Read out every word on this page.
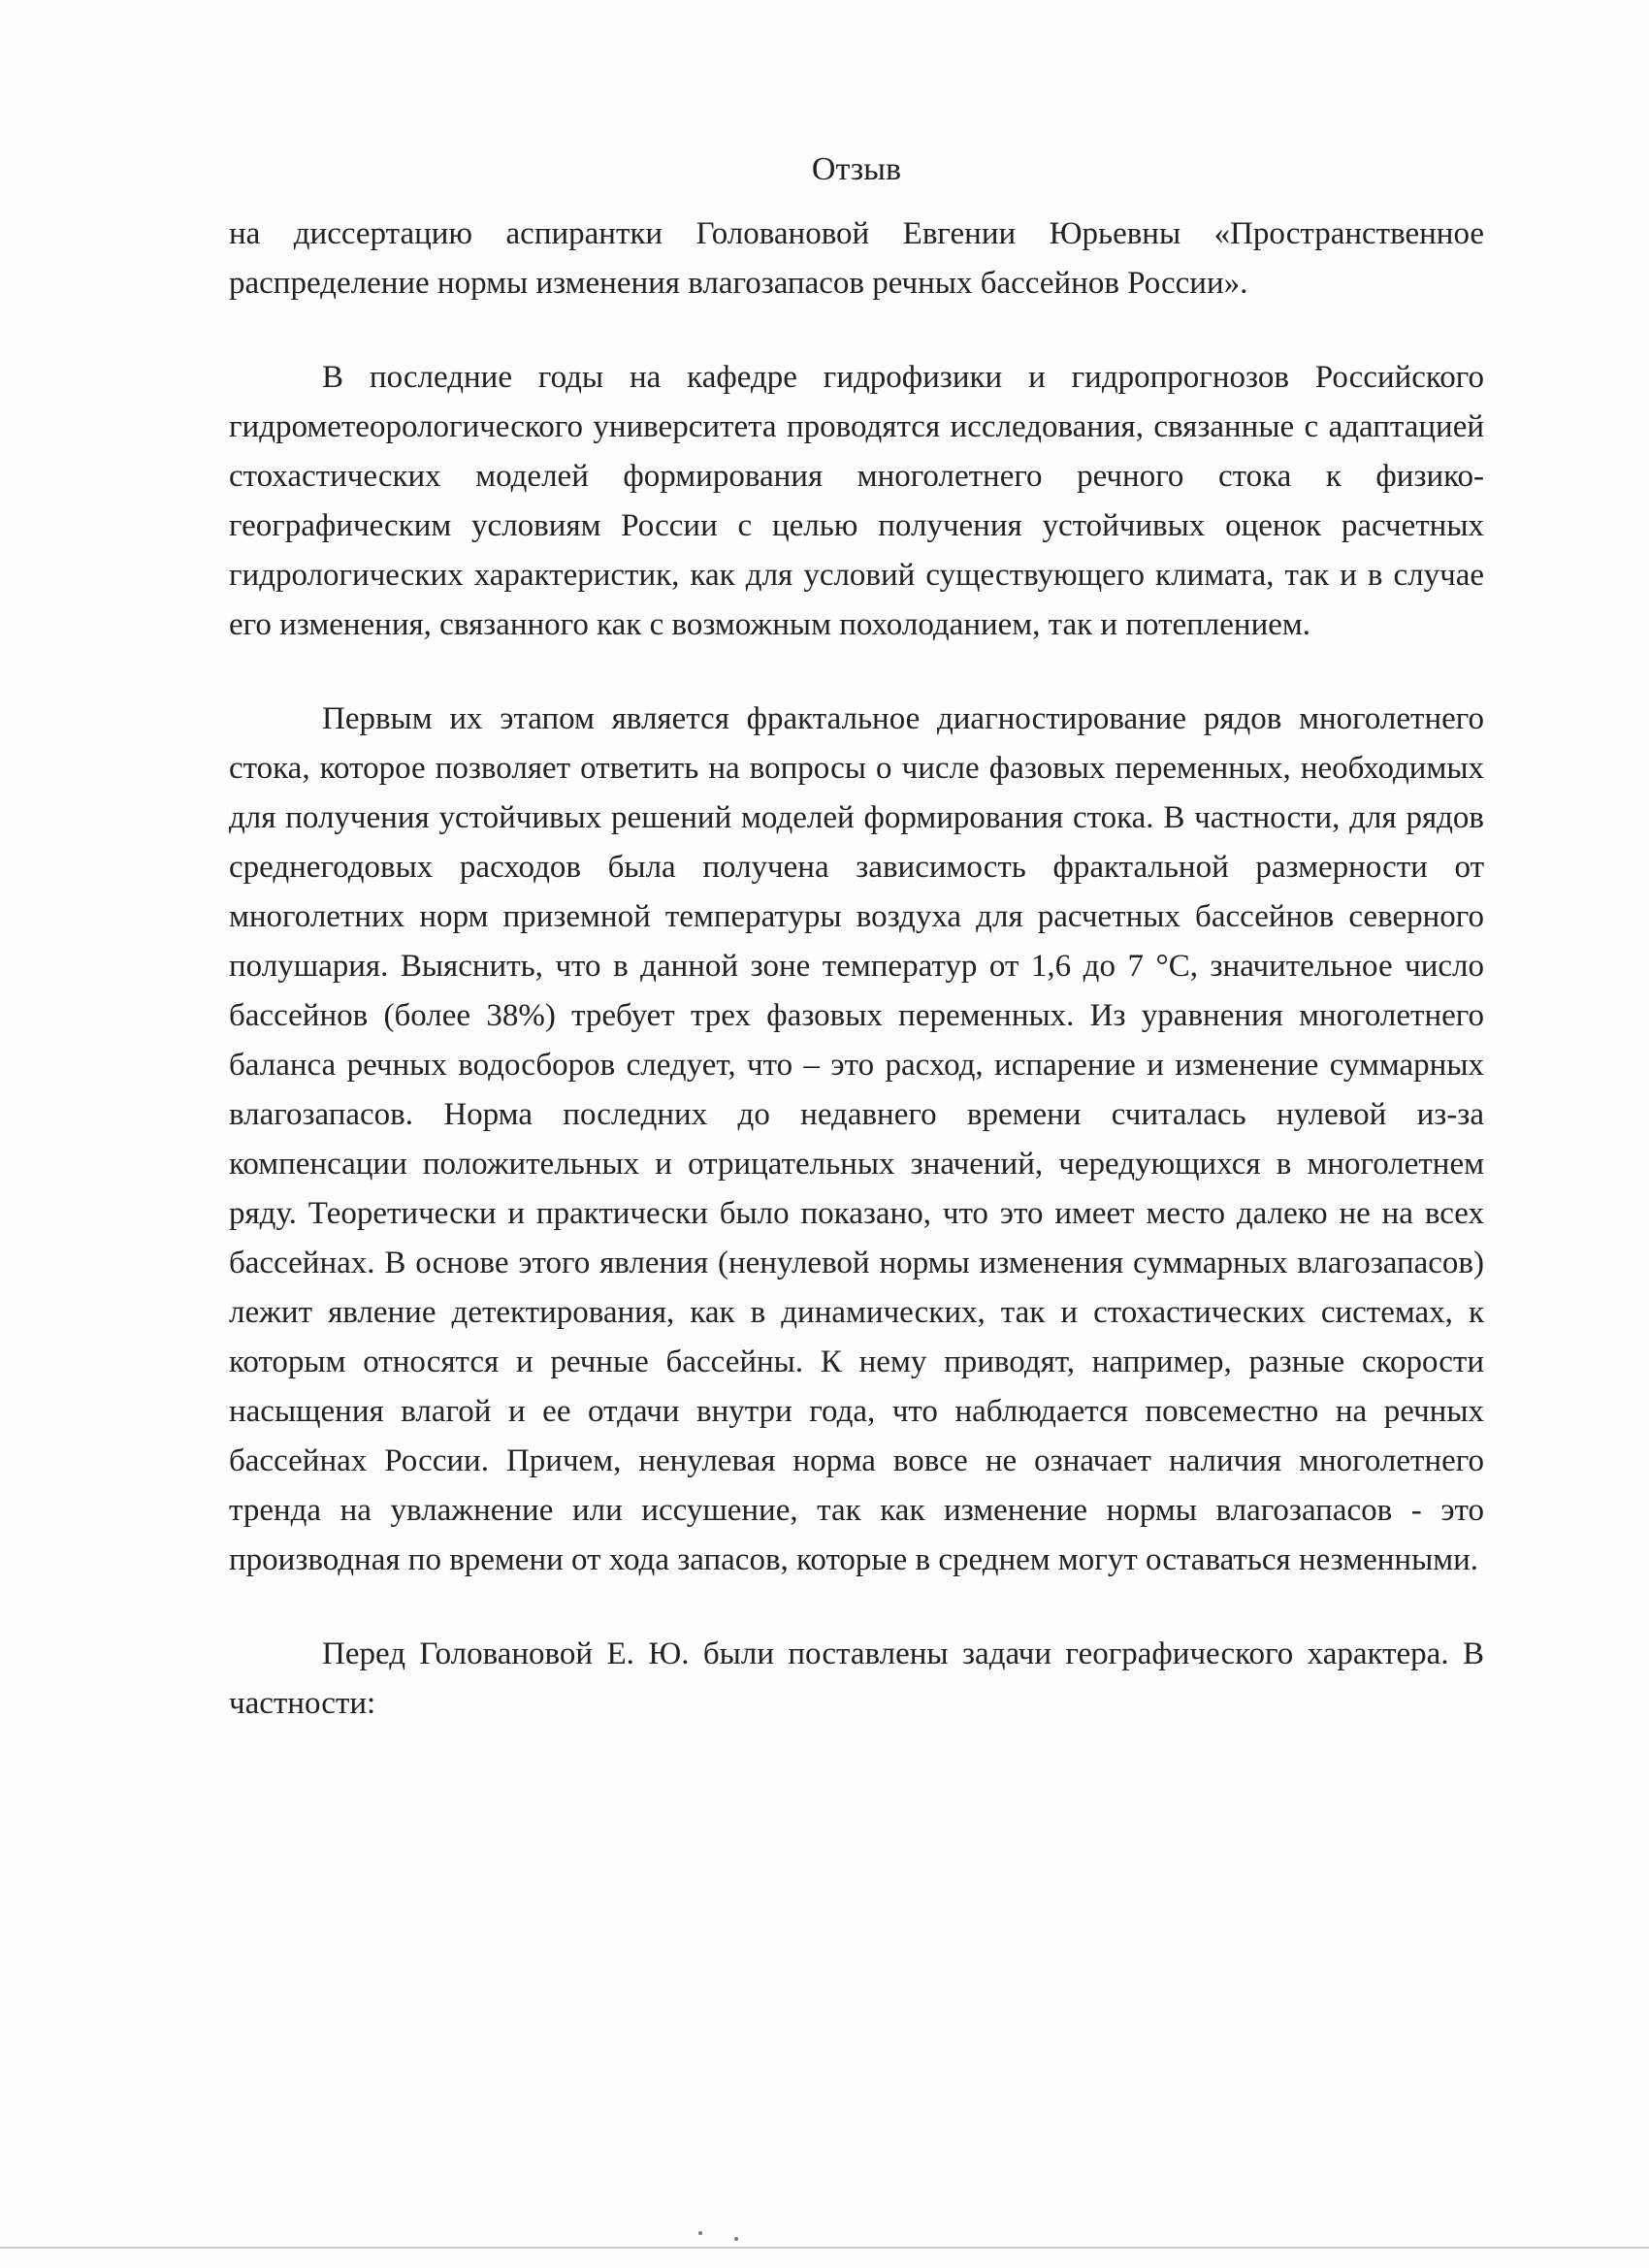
Отзыв

на диссертацию аспирантки Головановой Евгении Юрьевны «Пространственное распределение нормы изменения влагозапасов речных бассейнов России».

В последние годы на кафедре гидрофизики и гидропрогнозов Российского гидрометеорологического университета проводятся исследования, связанные с адаптацией стохастических моделей формирования многолетнего речного стока к физико-географическим условиям России с целью получения устойчивых оценок расчетных гидрологических характеристик, как для условий существующего климата, так и в случае его изменения, связанного как с возможным похолоданием, так и потеплением.

Первым их этапом является фрактальное диагностирование рядов многолетнего стока, которое позволяет ответить на вопросы о числе фазовых переменных, необходимых для получения устойчивых решений моделей формирования стока. В частности, для рядов среднегодовых расходов была получена зависимость фрактальной размерности от многолетних норм приземной температуры воздуха для расчетных бассейнов северного полушария. Выяснить, что в данной зоне температур от 1,6 до 7 °С, значительное число бассейнов (более 38%) требует трех фазовых переменных. Из уравнения многолетнего баланса речных водосборов следует, что – это расход, испарение и изменение суммарных влагозапасов. Норма последних до недавнего времени считалась нулевой из-за компенсации положительных и отрицательных значений, чередующихся в многолетнем ряду. Теоретически и практически было показано, что это имеет место далеко не на всех бассейнах. В основе этого явления (ненулевой нормы изменения суммарных влагозапасов) лежит явление детектирования, как в динамических, так и стохастических системах, к которым относятся и речные бассейны. К нему приводят, например, разные скорости насыщения влагой и ее отдачи внутри года, что наблюдается повсеместно на речных бассейнах России. Причем, ненулевая норма вовсе не означает наличия многолетнего тренда на увлажнение или иссушение, так как изменение нормы влагозапасов - это производная по времени от хода запасов, которые в среднем могут оставаться незменными.

Перед Головановой Е. Ю. были поставлены задачи географического характера. В частности:
